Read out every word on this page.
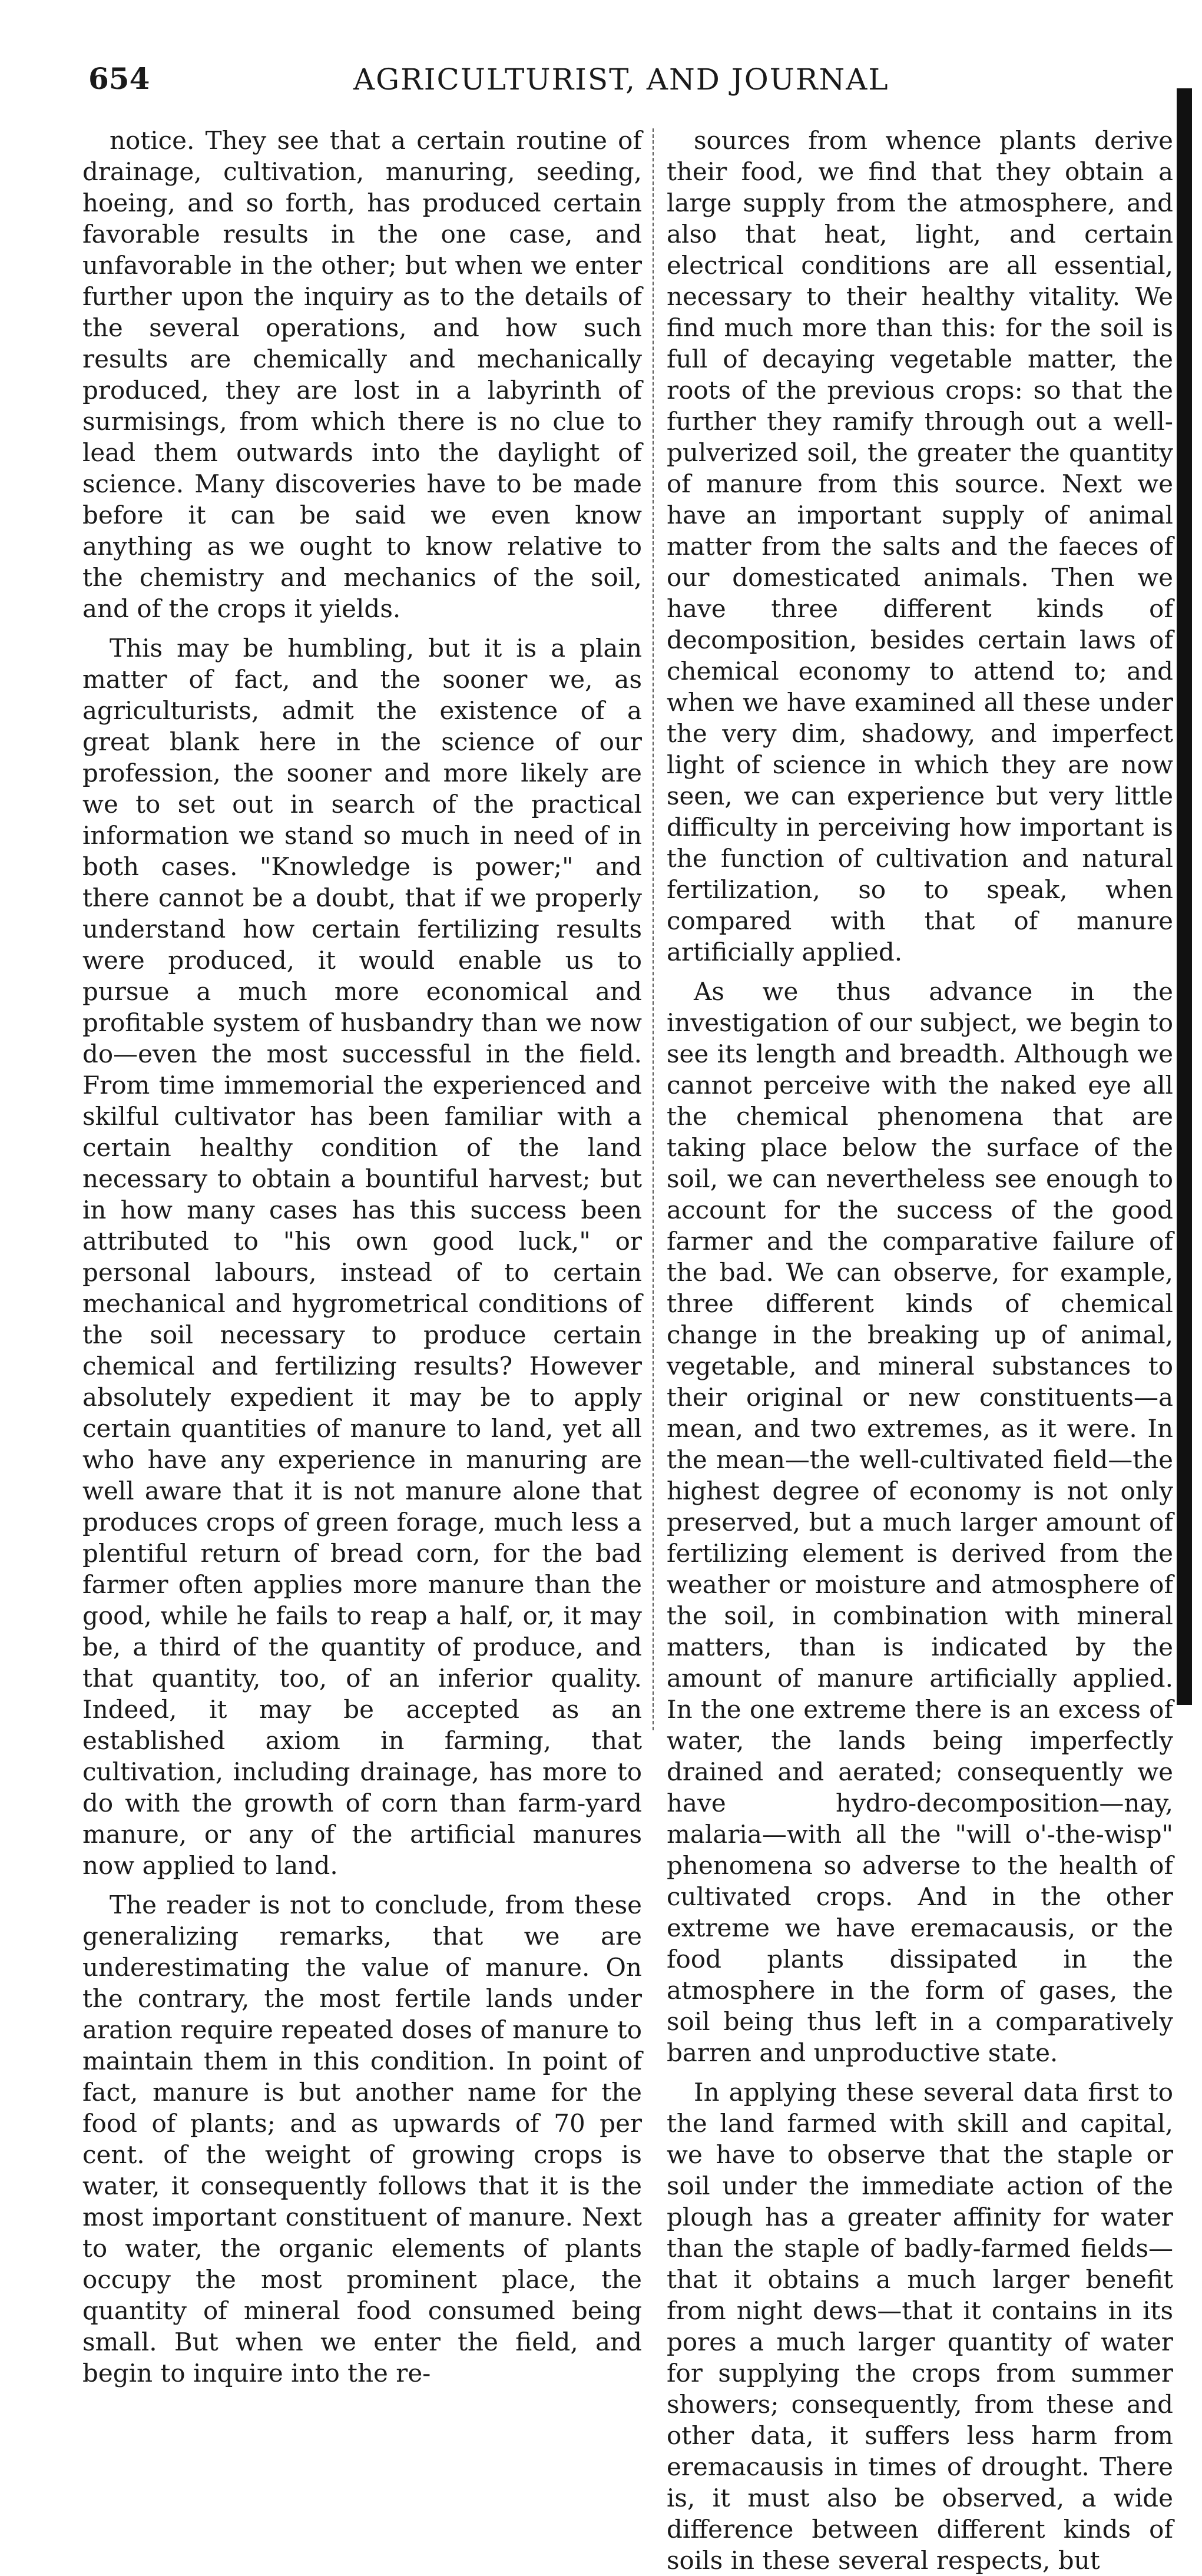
654	AGRICULTURIST, AND JOURNAL

notice. They see that a certain routine of drainage, cultivation, manuring, seeding, hoeing, and so forth, has produced certain favorable results in the one case, and unfavorable in the other; but when we enter further upon the inquiry as to the details of the several operations, and how such results are chemically and mechanically produced, they are lost in a labyrinth of surmisings, from which there is no clue to lead them outwards into the daylight of science. Many discoveries have to be made before it can be said we even know anything as we ought to know relative to the chemistry and mechanics of the soil, and of the crops it yields.

This may be humbling, but it is a plain matter of fact, and the sooner we, as agriculturists, admit the existence of a great blank here in the science of our profession, the sooner and more likely are we to set out in search of the practical information we stand so much in need of in both cases. "Knowledge is power;" and there cannot be a doubt, that if we properly understand how certain fertilizing results were produced, it would enable us to pursue a much more economical and profitable system of husbandry than we now do—even the most successful in the field. From time immemorial the experienced and skilful cultivator has been familiar with a certain healthy condition of the land necessary to obtain a bountiful harvest; but in how many cases has this success been attributed to "his own good luck," or personal labours, instead of to certain mechanical and hygrometrical conditions of the soil necessary to produce certain chemical and fertilizing results? However absolutely expedient it may be to apply certain quantities of manure to land, yet all who have any experience in manuring are well aware that it is not manure alone that produces crops of green forage, much less a plentiful return of bread corn, for the bad farmer often applies more manure than the good, while he fails to reap a half, or, it may be, a third of the quantity of produce, and that quantity, too, of an inferior quality. Indeed, it may be accepted as an established axiom in farming, that cultivation, including drainage, has more to do with the growth of corn than farm-yard manure, or any of the artificial manures now applied to land.

The reader is not to conclude, from these generalizing remarks, that we are underestimating the value of manure. On the contrary, the most fertile lands under aration require repeated doses of manure to maintain them in this condition. In point of fact, manure is but another name for the food of plants; and as upwards of 70 per cent. of the weight of growing crops is water, it consequently follows that it is the most important constituent of manure. Next to water, the organic elements of plants occupy the most prominent place, the quantity of mineral food consumed being small. But when we enter the field, and begin to inquire into the re-

sources from whence plants derive their food, we find that they obtain a large supply from the atmosphere, and also that heat, light, and certain electrical conditions are all essential, necessary to their healthy vitality. We find much more than this: for the soil is full of decaying vegetable matter, the roots of the previous crops: so that the further they ramify through out a well-pulverized soil, the greater the quantity of manure from this source. Next we have an important supply of animal matter from the salts and the faeces of our domesticated animals. Then we have three different kinds of decomposition, besides certain laws of chemical economy to attend to; and when we have examined all these under the very dim, shadowy, and imperfect light of science in which they are now seen, we can experience but very little difficulty in perceiving how important is the function of cultivation and natural fertilization, so to speak, when compared with that of manure artificially applied.

As we thus advance in the investigation of our subject, we begin to see its length and breadth. Although we cannot perceive with the naked eye all the chemical phenomena that are taking place below the surface of the soil, we can nevertheless see enough to account for the success of the good farmer and the comparative failure of the bad. We can observe, for example, three different kinds of chemical change in the breaking up of animal, vegetable, and mineral substances to their original or new constituents—a mean, and two extremes, as it were. In the mean—the well-cultivated field—the highest degree of economy is not only preserved, but a much larger amount of fertilizing element is derived from the weather or moisture and atmosphere of the soil, in combination with mineral matters, than is indicated by the amount of manure artificially applied. In the one extreme there is an excess of water, the lands being imperfectly drained and aerated; consequently we have hydro-decomposition—nay, malaria—with all the "will o'-the-wisp" phenomena so adverse to the health of cultivated crops. And in the other extreme we have eremacausis, or the food plants dissipated in the atmosphere in the form of gases, the soil being thus left in a comparatively barren and unproductive state.

In applying these several data first to the land farmed with skill and capital, we have to observe that the staple or soil under the immediate action of the plough has a greater affinity for water than the staple of badly-farmed fields—that it obtains a much larger benefit from night dews—that it contains in its pores a much larger quantity of water for supplying the crops from summer showers; consequently, from these and other data, it suffers less harm from eremacausis in times of drought. There is, it must also be observed, a wide difference between different kinds of soils in these several respects, but
